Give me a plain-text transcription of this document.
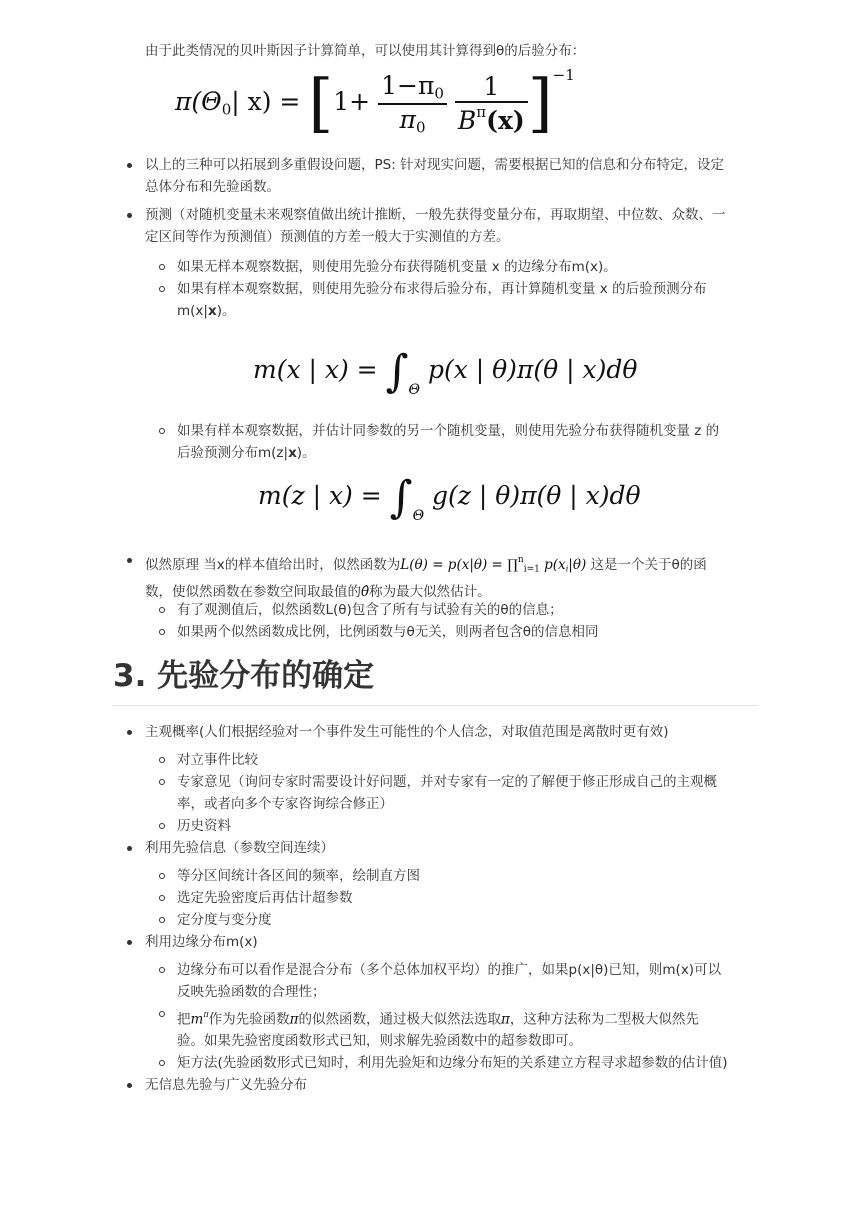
由于此类情况的贝叶斯因子计算简单，可以使用其计算得到θ的后验分布：
$\pi(\Theta_0|$ $x) = [1+ \frac{1-\pi_0}{\pi_0}$
$\frac{1}{B^\pi(x)} ]^{-1}$
以上的三种可以拓展到多重假设问题，PS: 针对现实问题，需要根据已知的信息和分布特定，设定
总体分布和先验函数。
预测（对随机变量未来观察值做出统计推断，一般先获得变量分布，再取期望、中位数、众数、一
定区间等作为预测值）预测值的方差一般大于实测值的方差。
如果无样本观察数据，则使用先验分布获得随机变量 x 的边缘分布m(x)。
如果有样本观察数据，则使用先验分布求得后验分布，再计算随机变量 x 的后验预测分布
m(x|x)。
m(x | $x) = \int_\Theta$ p(x | θ)π(θ | x)dθ
如果有样本观察数据，并估计同参数的另一个随机变量，则使用先验分布获得随机变量 z 的
后验预测分布m(z|x)。
m(z | $x) = \int_\Theta$ g(z | θ)π(θ | x)dθ
似然原理 当x的样本值给出时，似然函数为L(θ) = p(x|θ) = ∏$^n_{i=1}$ $p(x_i|\theta)$ 这是一个关于θ的函
数，使似然函数在参数空间取最值的θ̂称为最大似然估计。
有了观测值后，似然函数L(θ)包含了所有与试验有关的θ的信息；
如果两个似然函数成比例，比例函数与θ无关，则两者包含θ的信息相同
3. 先验分布的确定
主观概率(人们根据经验对一个事件发生可能性的个人信念，对取值范围是离散时更有效)
对立事件比较
专家意见（询问专家时需要设计好问题，并对专家有一定的了解便于修正形成自己的主观概
率，或者向多个专家咨询综合修正）
历史资料
利用先验信息（参数空间连续）
等分区间统计各区间的频率，绘制直方图
选定先验密度后再估计超参数
定分度与变分度
利用边缘分布m(x)
边缘分布可以看作是混合分布（多个总体加权平均）的推广，如果p(x|θ)已知，则m(x)可以
反映先验函数的合理性；
把$m^\pi$作为先验函数π的似然函数，通过极大似然法选取π，这种方法称为二型极大似然先
验。如果先验密度函数形式已知，则求解先验函数中的超参数即可。
矩方法(先验函数形式已知时，利用先验矩和边缘分布矩的关系建立方程寻求超参数的估计值)
无信息先验与广义先验分布
